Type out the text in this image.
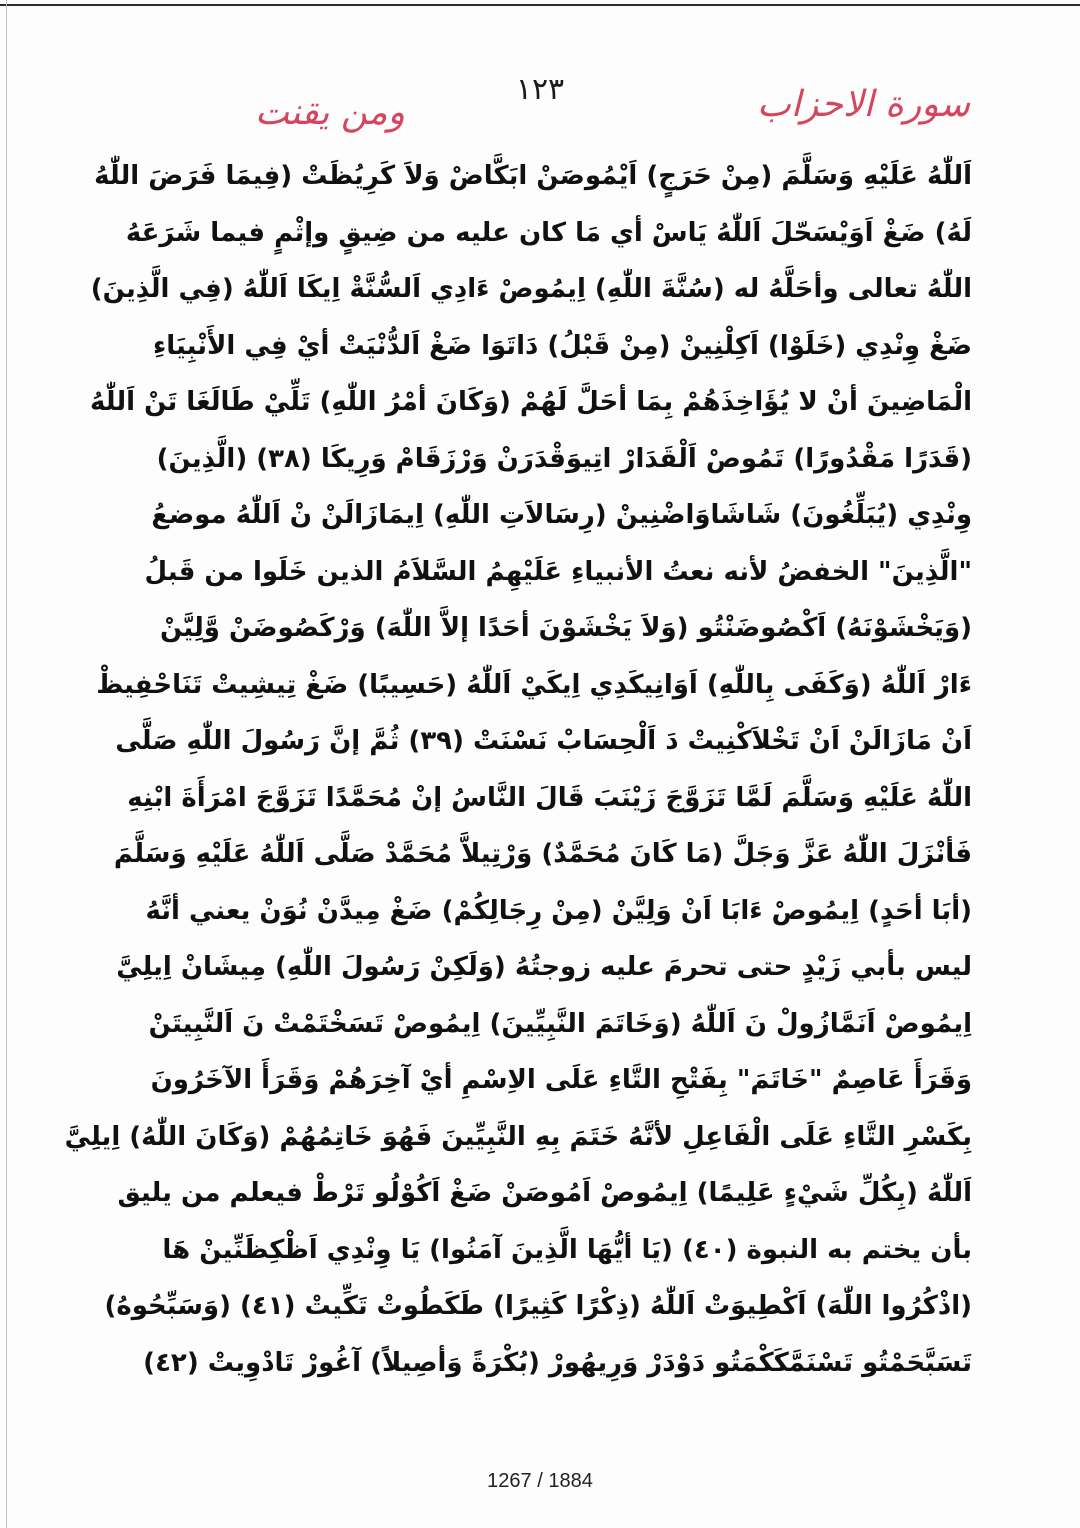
١٢٣	سورة الاحزاب
ومن يقنت
اَللّٰهُ عَلَيْهِ وَسَلَّمَ (مِنْ حَرَجٍ) اَيْمُوصَنْ ابَكَّاضْ وَلاَ كَرِيُظَتْ (فِيمَا فَرَضَ اللّٰهُ
لَهُ) ضَغْ اَوَيْسَحّلَ اَللّٰهُ يَاسْ أي مَا كان عليه من ضِيقٍ وإثْمٍ فيما شَرَعَهُ
اللّٰهُ تعالى وأحَلَّهُ له (سُنَّةَ اللّٰهِ) اِيمُوصْ ءَادِي اَلسُّنَّةْ اِيكَا اَللّٰهُ (فِي الَّذِينَ)
ضَغْ وِنْدِي (خَلَوْا) اَكِلْنِينْ (مِنْ قَبْلُ) دَاتَوَا ضَغْ اَلدُّنْيَتْ أيْ فِي الأَنْبِيَاءِ
الْمَاضِينَ أنْ لا يُؤَاخِذَهُمْ بِمَا أحَلَّ لَهُمْ (وَكَانَ أمْرُ اللّٰهِ) تَلِّيْ طَالَغَا تَنْ اَللّٰهُ
(قَدَرًا مَقْدُورًا) تَمُوصْ اَلْقَدَارْ اتِيوَقْدَرَنْ وَرْزَقَامْ وَرِيكَا (٣٨) (الَّذِينَ)
وِنْدِي (يُبَلِّغُونَ) شَاشَاوَاضْنِينْ (رِسَالاَتِ اللّٰهِ) اِيمَازَالَنْ نْ اَللّٰهُ موضعُ
"الَّذِينَ" الخفضُ لأنه نعتُ الأنبياءِ عَلَيْهِمُ السَّلاَمُ الذين خَلَوا من قَبلُ
(وَيَخْشَوْنَهُ) اَكْصُوضَنْتُو (وَلاَ يَخْشَوْنَ أحَدًا إلاَّ اللّٰهَ) وَرْكَصُوضَنْ وَّلِيَّنْ
ءَارْ اَللّٰهُ (وَكَفَى بِاللّٰهِ) اَوَانِيكَدِي اِيكَيْ اَللّٰهُ (حَسِيبًا) ضَغْ تِيشِيتْ تَنَاحْفِيظْ
اَنْ مَازَالَنْ اَنْ تَخْلاَكْنِيتْ دَ اَلْحِسَابْ نَسْنَتْ (٣٩) ثُمَّ إنَّ رَسُولَ اللّٰهِ صَلَّى
اللّٰهُ عَلَيْهِ وَسَلَّمَ لَمَّا تَزَوَّجَ زَيْنَبَ قَالَ النَّاسُ إنْ مُحَمَّدًا تَزَوَّجَ امْرَأَةَ ابْنِهِ
فَأنْزَلَ اللّٰهُ عَزَّ وَجَلَّ (مَا كَانَ مُحَمَّدٌ) وَرْتِيلاَّ مُحَمَّدْ صَلَّى اَللّٰهُ عَلَيْهِ وَسَلَّمَ
(أبَا أحَدٍ) اِيمُوصْ ءَابَا اَنْ وَلِيَّنْ (مِنْ رِجَالِكُمْ) ضَغْ مِيدَّنْ نُوَنْ يعني أنَّهُ
ليس بأبي زَيْدٍ حتى تحرمَ عليه زوجتُهُ (وَلَكِنْ رَسُولَ اللّٰهِ) مِيشَانْ اِيلِيَّ
اِيمُوصْ اَنَمَّازُولْ نَ اَللّٰهُ (وَخَاتَمَ النَّبِيِّينَ) اِيمُوصْ تَسَخْتَمْتْ نَ اَلنَّبِيتَنْ
وَقَرَأَ عَاصِمٌ "خَاتَمَ" بِفَتْحِ التَّاءِ عَلَى الاِسْمِ أيْ آخِرَهُمْ وَقَرَأَ الآخَرُونَ
بِكَسْرِ التَّاءِ عَلَى الْفَاعِلِ لأنَّهُ خَتَمَ بِهِ النَّبِيِّينَ فَهُوَ خَاتِمُهُمْ (وَكَانَ اللّٰهُ) اِيلِيَّ
اَللّٰهُ (بِكُلِّ شَيْءٍ عَلِيمًا) اِيمُوصْ اَمُوصَنْ ضَغْ اَكُوْلُو تَرْطْ فيعلم من يليق
بأن يختم به النبوة (٤٠) (يَا أيُّهَا الَّذِينَ آمَنُوا) يَا وِنْدِي اَظْكِظَنِّينْ هَا
(اذْكُرُوا اللّٰهَ) اَكْطِيوَتْ اَللّٰهُ (ذِكْرًا كَثِيرًا) طَكَطُوتْ تَكِّيتْ (٤١) (وَسَبِّحُوهُ)
تَسَبَّحَمْتُو تَسْنَمَّكَكْمَتُو دَوْدَرْ وَرِيهُورْ (بُكْرَةً وَأصِيلاً) آغُورْ تَادْوِيتْ (٤٢)
1267 / 1884
